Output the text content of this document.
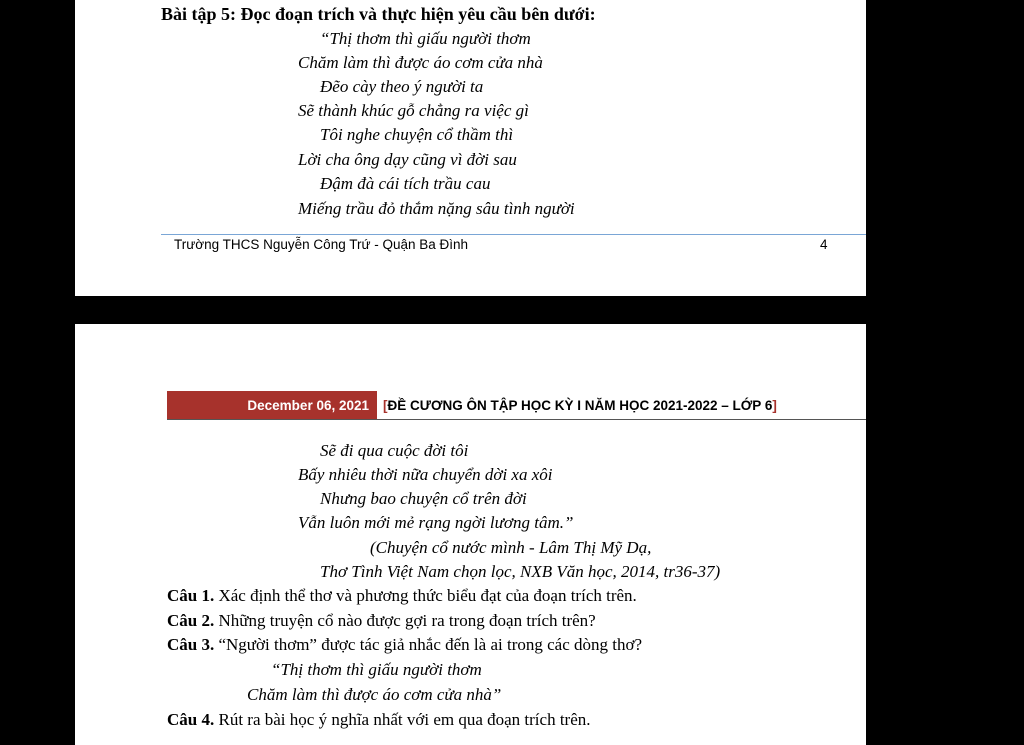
Bài tập 5: Đọc đoạn trích và thực hiện yêu cầu bên dưới:
“Thị thơm thì giấu người thơm
Chăm làm thì được áo cơm cửa nhà
Đẽo cày theo ý người ta
Sẽ thành khúc gỗ chẳng ra việc gì
Tôi nghe chuyện cổ thầm thì
Lời cha ông dạy cũng vì đời sau
Đậm đà cái tích trầu cau
Miếng trầu đỏ thắm nặng sâu tình người
Trường THCS Nguyễn Công Trứ - Quận Ba Đình	4
December 06, 2021 [ĐỀ CƯƠNG ÔN TẬP HỌC KỲ I NĂM HỌC 2021-2022 – LỚP 6]
Sẽ đi qua cuộc đời tôi
Bấy nhiêu thời nữa chuyển dời xa xôi
Nhưng bao chuyện cổ trên đời
Vẫn luôn mới mẻ rạng ngời lương tâm.”
(Chuyện cổ nước mình - Lâm Thị Mỹ Dạ,
Thơ Tình Việt Nam chọn lọc, NXB Văn học, 2014, tr36-37)
Câu 1. Xác định thể thơ và phương thức biểu đạt của đoạn trích trên.
Câu 2. Những truyện cổ nào được gợi ra trong đoạn trích trên?
Câu 3. “Người thơm” được tác giả nhắc đến là ai trong các dòng thơ?
“Thị thơm thì giấu người thơm
Chăm làm thì được áo cơm cửa nhà”
Câu 4. Rút ra bài học ý nghĩa nhất với em qua đoạn trích trên.
